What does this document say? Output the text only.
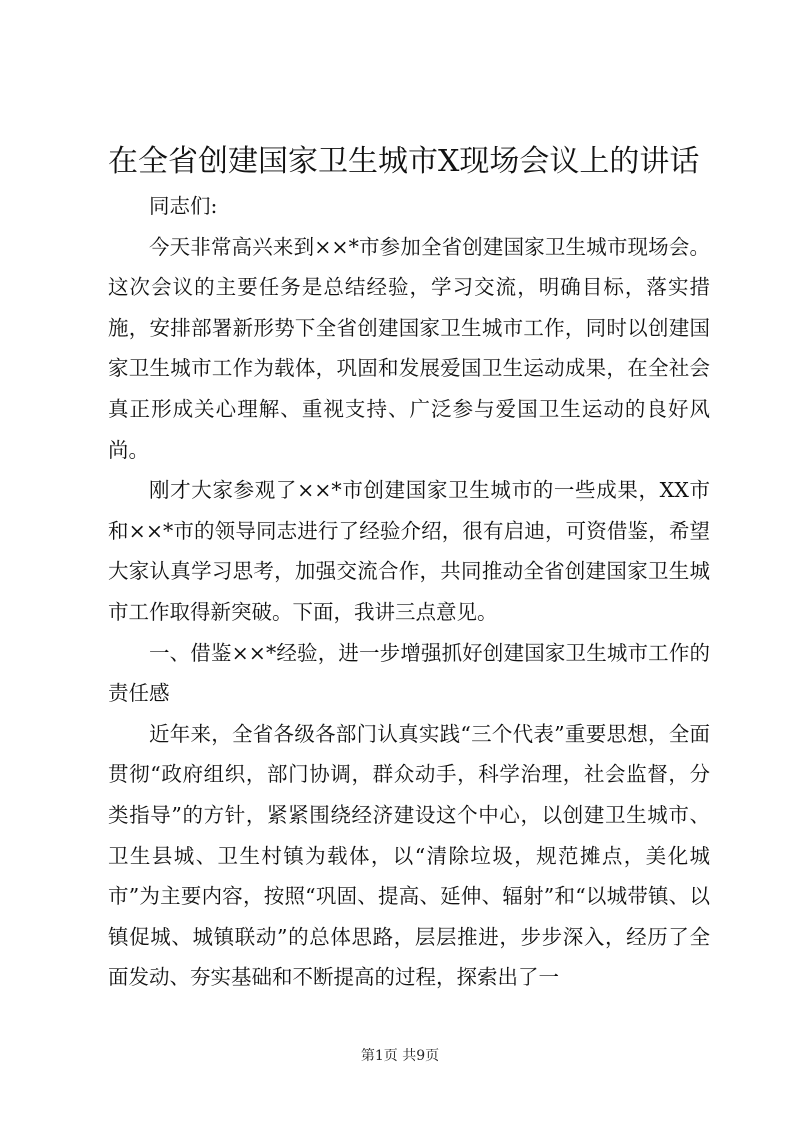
在全省创建国家卫生城市X现场会议上的讲话

同志们:

今天非常高兴来到××*市参加全省创建国家卫生城市现场会。这次会议的主要任务是总结经验，学习交流，明确目标，落实措施，安排部署新形势下全省创建国家卫生城市工作，同时以创建国家卫生城市工作为载体，巩固和发展爱国卫生运动成果，在全社会真正形成关心理解、重视支持、广泛参与爱国卫生运动的良好风尚。

刚才大家参观了××*市创建国家卫生城市的一些成果，XX市和××*市的领导同志进行了经验介绍，很有启迪，可资借鉴，希望大家认真学习思考，加强交流合作，共同推动全省创建国家卫生城市工作取得新突破。下面，我讲三点意见。

一、借鉴××*经验，进一步增强抓好创建国家卫生城市工作的责任感

近年来，全省各级各部门认真实践“三个代表”重要思想，全面贯彻“政府组织，部门协调，群众动手，科学治理，社会监督，分类指导”的方针，紧紧围绕经济建设这个中心，以创建卫生城市、卫生县城、卫生村镇为载体，以“清除垃圾，规范摊点，美化城市”为主要内容，按照“巩固、提高、延伸、辐射”和“以城带镇、以镇促城、城镇联动”的总体思路，层层推进，步步深入，经历了全面发动、夯实基础和不断提高的过程，探索出了一

第1页 共9页
